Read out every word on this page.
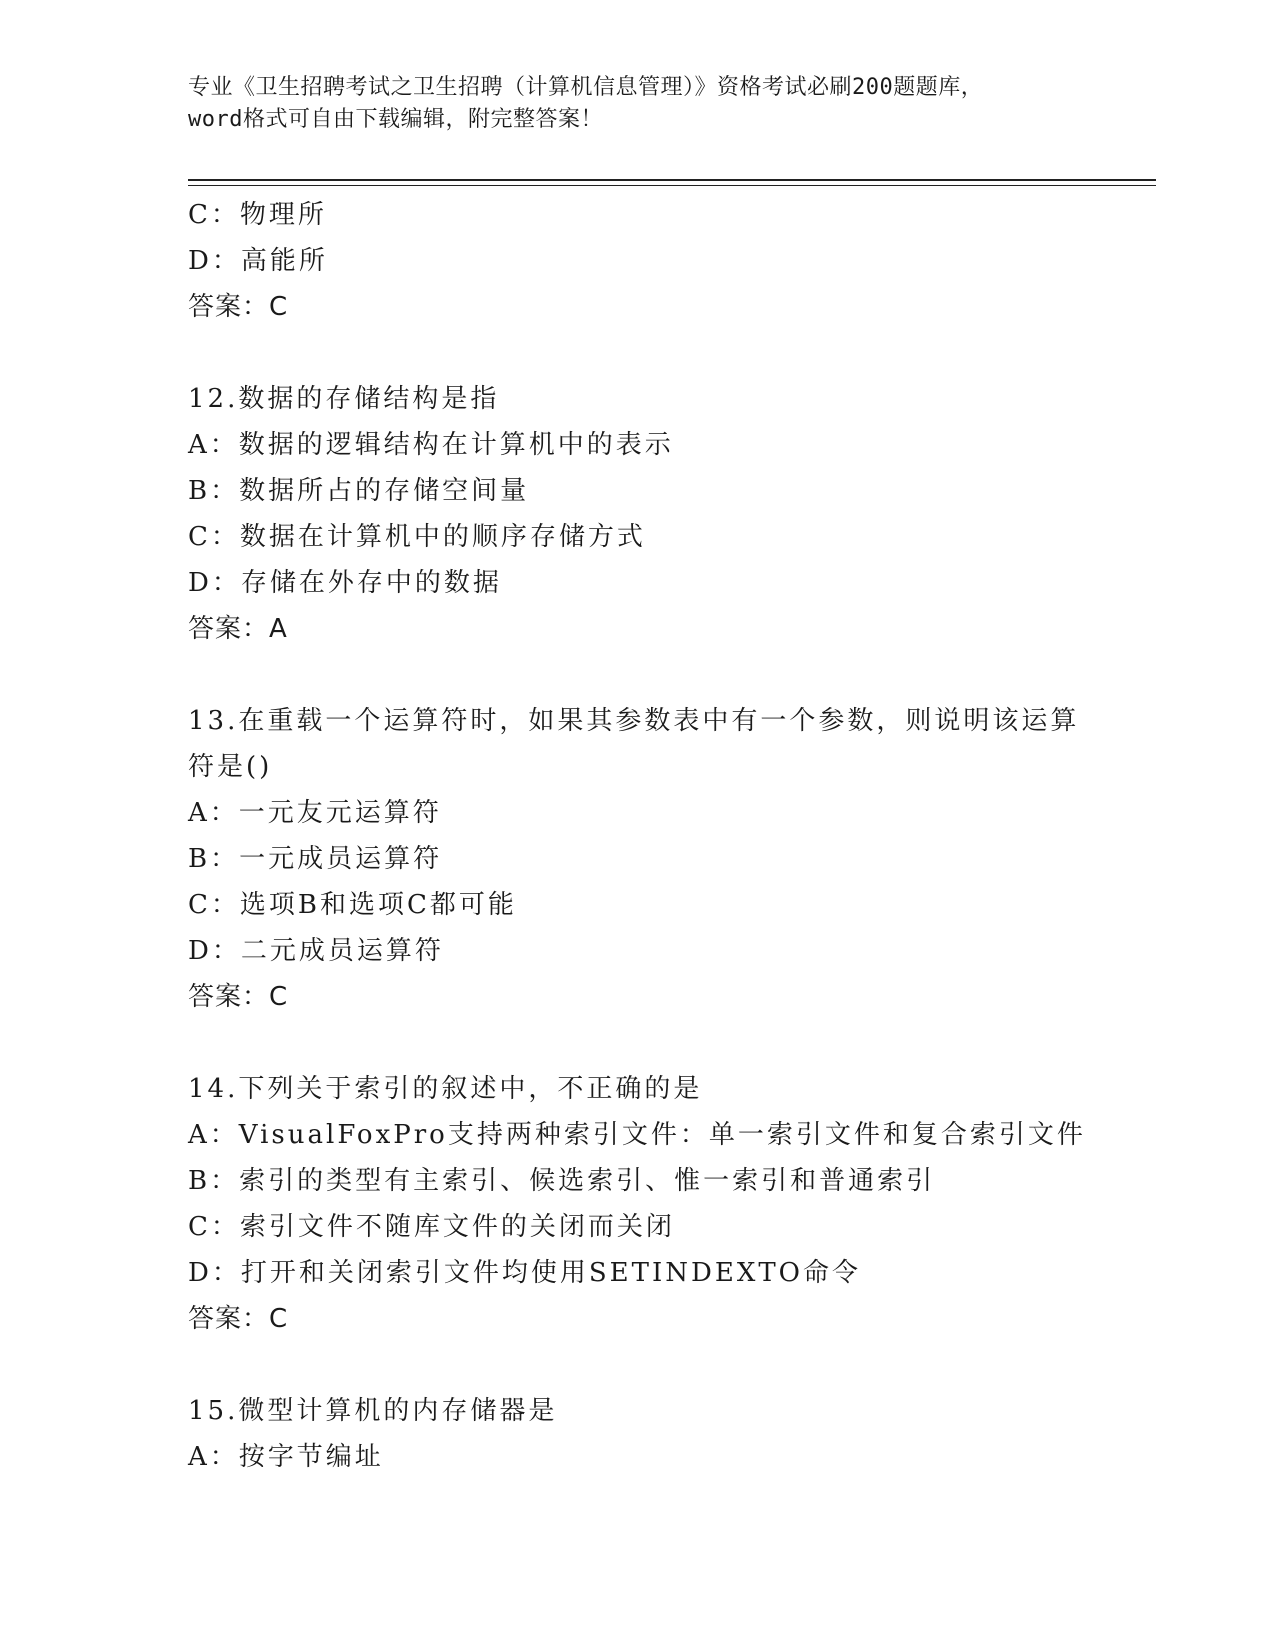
专业《卫生招聘考试之卫生招聘（计算机信息管理）》资格考试必刷200题题库，
word格式可自由下载编辑，附完整答案！
C：物理所
D：高能所
答案：C
12.数据的存储结构是指
A：数据的逻辑结构在计算机中的表示
B：数据所占的存储空间量
C：数据在计算机中的顺序存储方式
D：存储在外存中的数据
答案：A
13.在重载一个运算符时，如果其参数表中有一个参数，则说明该运算
符是()
A：一元友元运算符
B：一元成员运算符
C：选项B和选项C都可能
D：二元成员运算符
答案：C
14.下列关于索引的叙述中，不正确的是
A：VisualFoxPro支持两种索引文件：单一索引文件和复合索引文件
B：索引的类型有主索引、候选索引、惟一索引和普通索引
C：索引文件不随库文件的关闭而关闭
D：打开和关闭索引文件均使用SETINDEXTO命令
答案：C
15.微型计算机的内存储器是
A：按字节编址
